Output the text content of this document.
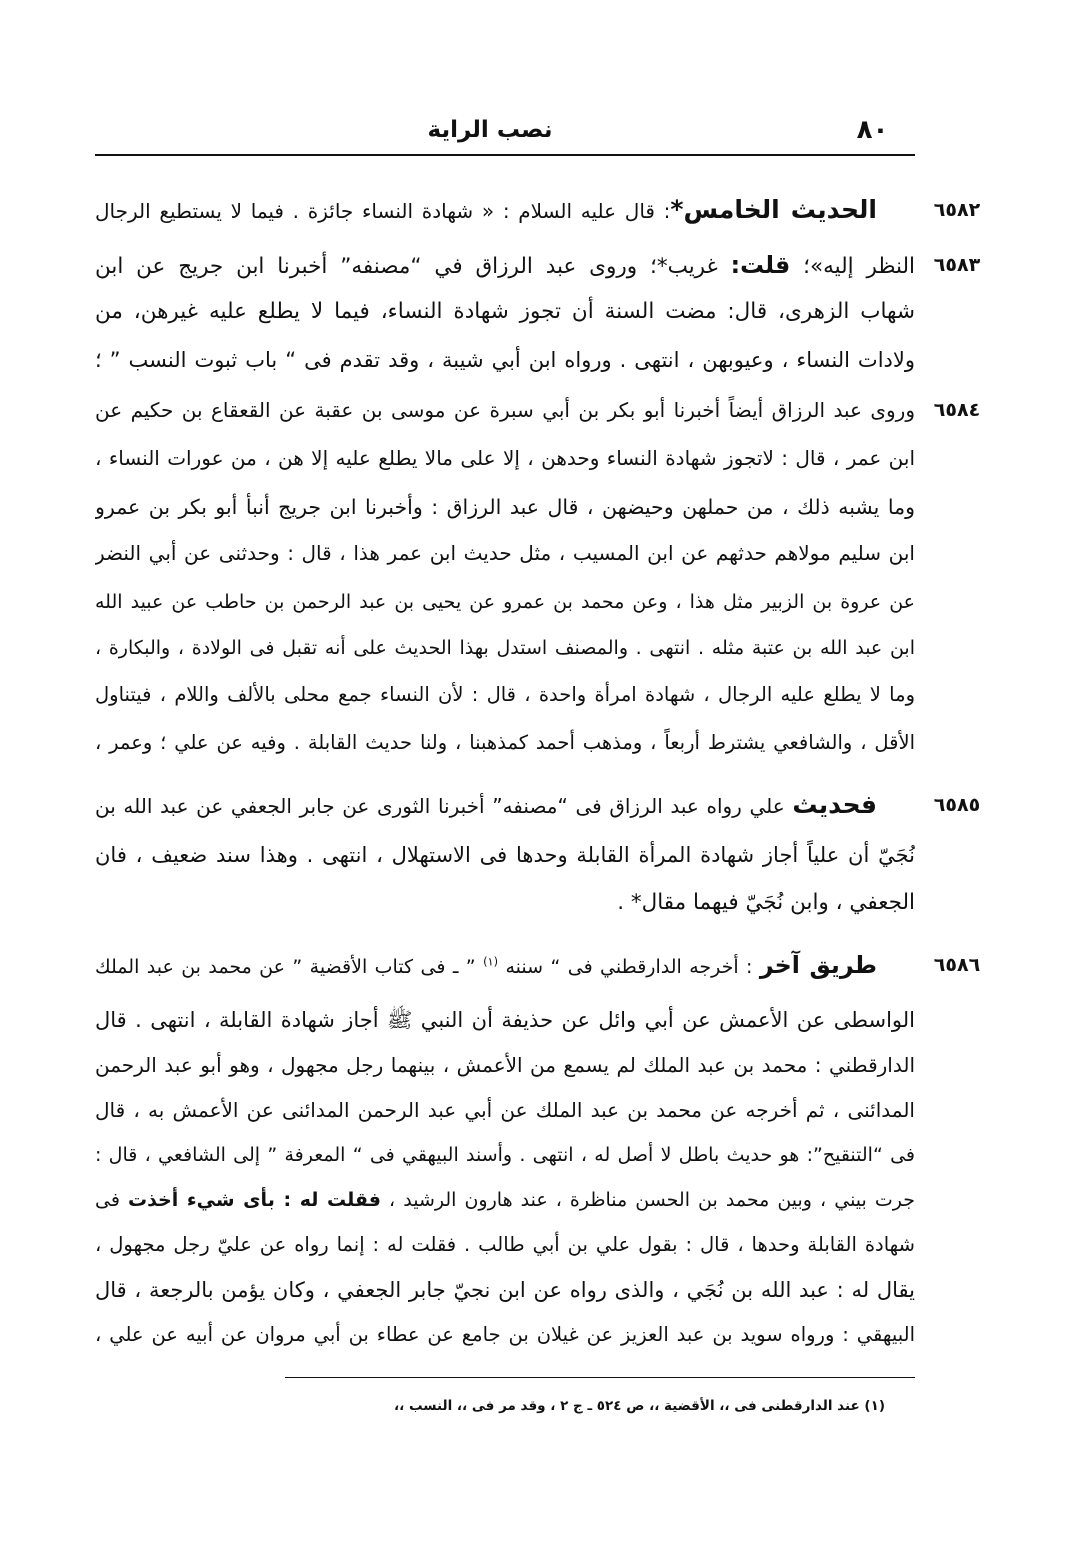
٨٠
نصب الراية
٦٥٨٢
الحديث الخامس*: قال عليه السلام : « شهادة النساء جائزة . فيما لا يستطيع الرجال
٦٥٨٣
النظر إليه»؛ قلت: غريب*؛ وروى عبد الرزاق في “مصنفه” أخبرنا ابن جريج عن ابن
شهاب الزهرى، قال: مضت السنة أن تجوز شهادة النساء، فيما لا يطلع عليه غيرهن، من
ولادات النساء ، وعيوبهن ، انتهى . ورواه ابن أبي شيبة ، وقد تقدم فى “ باب ثبوت النسب ” ؛
٦٥٨٤
وروى عبد الرزاق أيضاً أخبرنا أبو بكر بن أبي سبرة عن موسى بن عقبة عن القعقاع بن حكيم عن
ابن عمر ، قال : لاتجوز شهادة النساء وحدهن ، إلا على مالا يطلع عليه إلا هن ، من عورات النساء ،
وما يشبه ذلك ، من حملهن وحيضهن ، قال عبد الرزاق : وأخبرنا ابن جريج أنبأ أبو بكر بن عمرو
ابن سليم مولاهم حدثهم عن ابن المسيب ، مثل حديث ابن عمر هذا ، قال : وحدثنى عن أبي النضر
عن عروة بن الزبير مثل هذا ، وعن محمد بن عمرو عن يحيى بن عبد الرحمن بن حاطب عن عبيد الله
ابن عبد الله بن عتبة مثله . انتهى . والمصنف استدل بهذا الحديث على أنه تقبل فى الولادة ، والبكارة ،
وما لا يطلع عليه الرجال ، شهادة امرأة واحدة ، قال : لأن النساء جمع محلى بالألف واللام ، فيتناول
الأقل ، والشافعي يشترط أربعاً ، ومذهب أحمد كمذهبنا ، ولنا حديث القابلة . وفيه عن علي ؛ وعمر ،
٦٥٨٥
فحديث علي رواه عبد الرزاق فى “مصنفه” أخبرنا الثورى عن جابر الجعفي عن عبد الله بن
نُجَيّ أن علياً أجاز شهادة المرأة القابلة وحدها فى الاستهلال ، انتهى . وهذا سند ضعيف ، فان
الجعفي ، وابن نُجَيّ فيهما مقال* .
٦٥٨٦
طريق آخر : أخرجه الدارقطني فى “ سننه $^{(١)}$ ” ـ فى كتاب الأقضية ” عن محمد بن عبد الملك
الواسطى عن الأعمش عن أبي وائل عن حذيفة أن النبي ﷺ أجاز شهادة القابلة ، انتهى . قال
الدارقطني : محمد بن عبد الملك لم يسمع من الأعمش ، بينهما رجل مجهول ، وهو أبو عبد الرحمن
المدائنى ، ثم أخرجه عن محمد بن عبد الملك عن أبي عبد الرحمن المدائنى عن الأعمش به ، قال
فى “التنقيح”: هو حديث باطل لا أصل له ، انتهى . وأسند البيهقي فى “ المعرفة ” إلى الشافعي ، قال :
جرت بيني ، وبين محمد بن الحسن مناظرة ، عند هارون الرشيد ، فقلت له : بأى شيء أخذت فى
شهادة القابلة وحدها ، قال : بقول علي بن أبي طالب . فقلت له : إنما رواه عن عليّ رجل مجهول ،
يقال له : عبد الله بن نُجَي ، والذى رواه عن ابن نجيّ جابر الجعفي ، وكان يؤمن بالرجعة ، قال
البيهقي : ورواه سويد بن عبد العزيز عن غيلان بن جامع عن عطاء بن أبي مروان عن أبيه عن علي ،
(١) عند الدارقطنى فى ،، الأقضية ،، ص ٥٢٤ ـ ج ٢ ، وقد مر فى ،، النسب ،،
